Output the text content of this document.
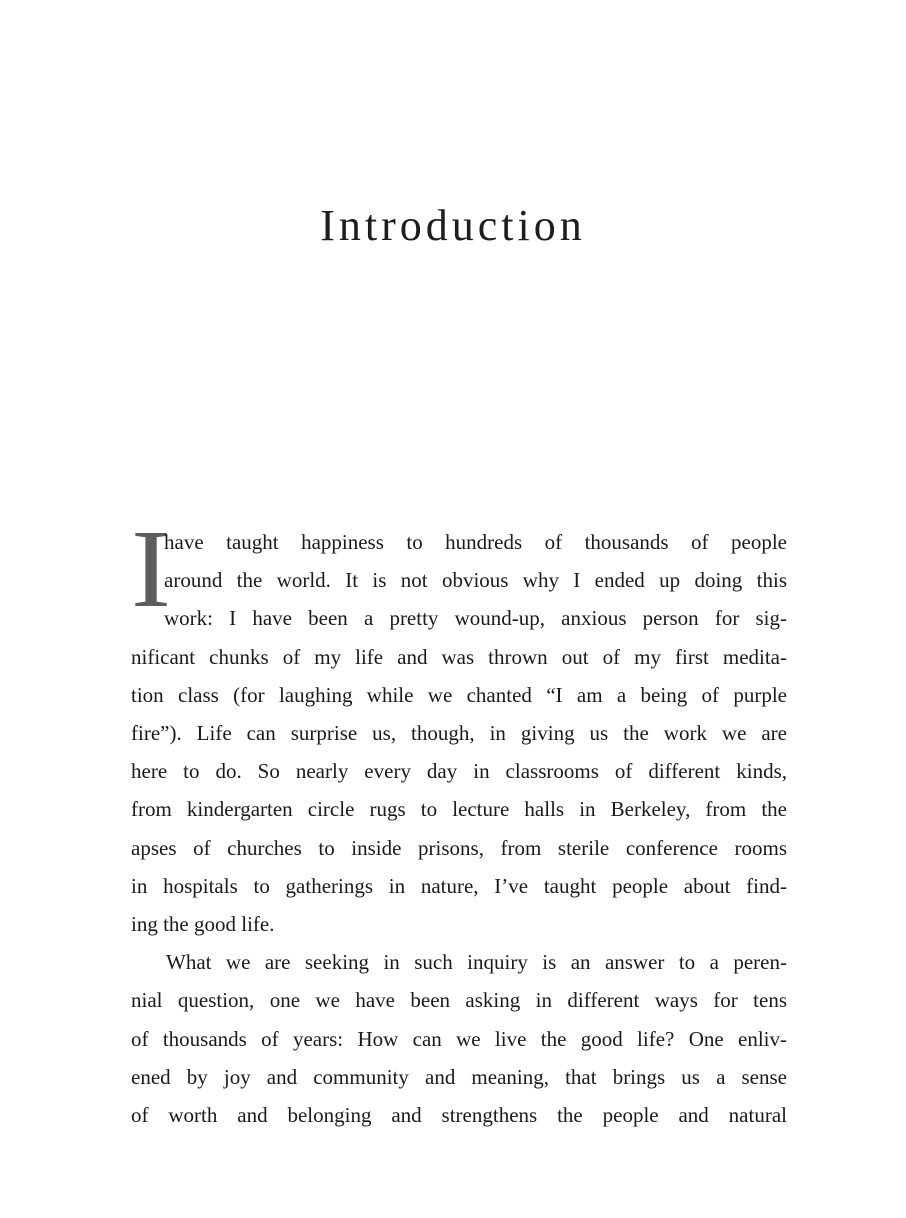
Introduction
I
have taught happiness to hundreds of thousands of people
around the world. It is not obvious why I ended up doing this
work: I have been a pretty wound-up, anxious person for sig-
nificant chunks of my life and was thrown out of my first medita-
tion class (for laughing while we chanted “I am a being of purple
fire”). Life can surprise us, though, in giving us the work we are
here to do. So nearly every day in classrooms of different kinds,
from kindergarten circle rugs to lecture halls in Berkeley, from the
apses of churches to inside prisons, from sterile conference rooms
in hospitals to gatherings in nature, I’ve taught people about find-
ing the good life.
What we are seeking in such inquiry is an answer to a peren-
nial question, one we have been asking in different ways for tens
of thousands of years: How can we live the good life? One enliv-
ened by joy and community and meaning, that brings us a sense
of worth and belonging and strengthens the people and natural
